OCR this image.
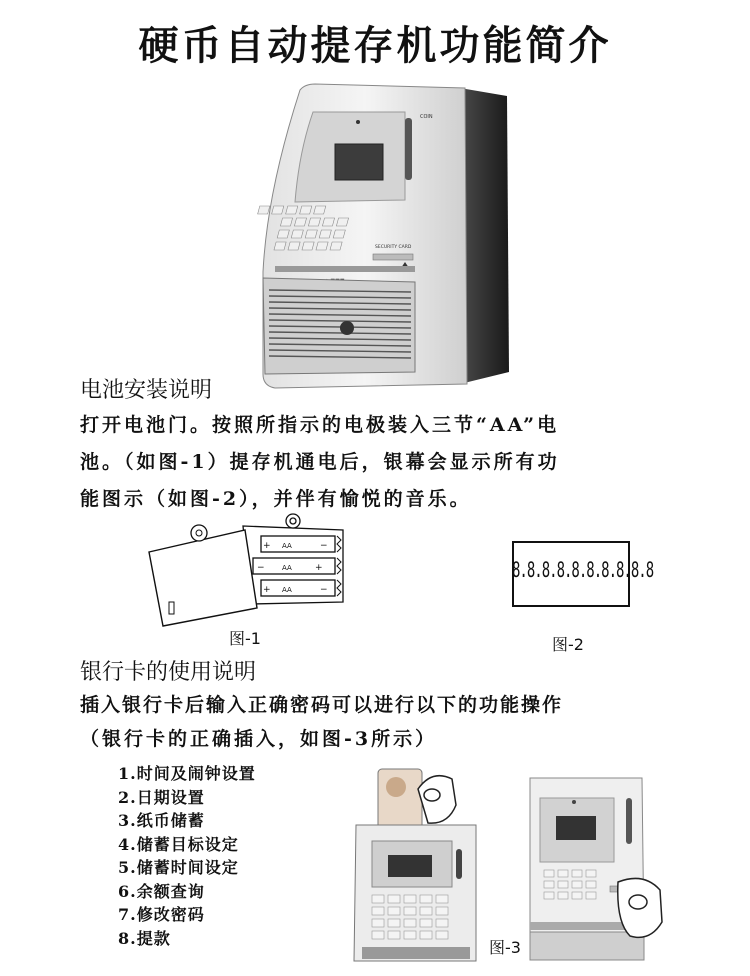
硬币自动提存机功能简介
COIN
SECURITY CARD
电池安装说明
打开电池门。按照所指示的电极装入三节“AA”电
池。（如图-1）提存机通电后，银幕会显示所有功
能图示（如图-2），并伴有愉悦的音乐。
+ AA	−
− AA	+
+ AA	−
图-1
8.8.8.8.8.8.8.8.8.8
图-2
银行卡的使用说明
插入银行卡后输入正确密码可以进行以下的功能操作
（银行卡的正确插入，如图-3所示）
1.时间及闹钟设置
2.日期设置
3.纸币储蓄
4.储蓄目标设定
5.储蓄时间设定
6.余额查询
7.修改密码
8.提款	图-3
